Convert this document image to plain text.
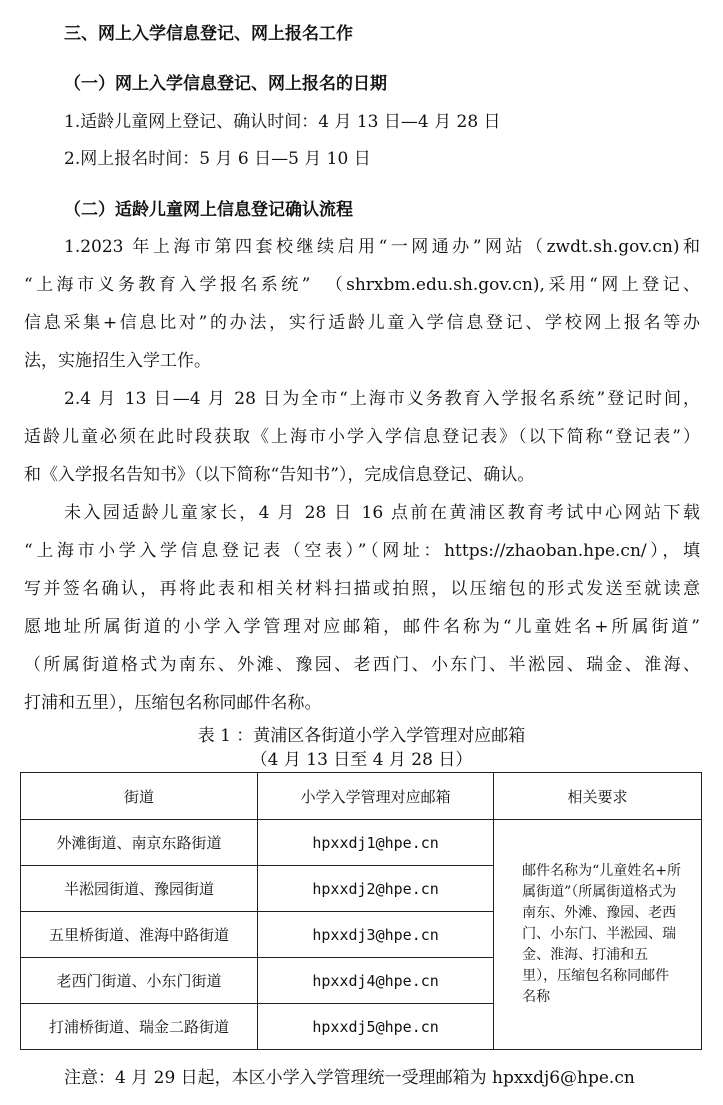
三、网上入学信息登记、网上报名工作
（一）网上入学信息登记、网上报名的日期
1.适龄儿童网上登记、确认时间：4 月 13 日—4 月 28 日
2.网上报名时间：5 月 6 日—5 月 10 日
（二）适龄儿童网上信息登记确认流程
1.2023 年上海市第四套校继续启用“一网通办”网站（zwdt.sh.gov.cn)和
“上海市义务教育入学报名系统”　（shrxbm.edu.sh.gov.cn),采用“网上登记、
信息采集+信息比对”的办法，实行适龄儿童入学信息登记、学校网上报名等办
法，实施招生入学工作。
2.4 月 13 日—4 月 28 日为全市“上海市义务教育入学报名系统”登记时间，
适龄儿童必须在此时段获取《上海市小学入学信息登记表》（以下简称“登记表”）
和《入学报名告知书》（以下简称“告知书”），完成信息登记、确认。
未入园适龄儿童家长，4 月 28 日 16 点前在黄浦区教育考试中心网站下载
“上海市小学入学信息登记表（空表）”（网址：https://zhaoban.hpe.cn/），填
写并签名确认，再将此表和相关材料扫描或拍照，以压缩包的形式发送至就读意
愿地址所属街道的小学入学管理对应邮箱，邮件名称为“儿童姓名+所属街道”
（所属街道格式为南东、外滩、豫园、老西门、小东门、半淞园、瑞金、淮海、
打浦和五里），压缩包名称同邮件名称。
表 1 ：黄浦区各街道小学入学管理对应邮箱
（4 月 13 日至 4 月 28 日）
街道	小学入学管理对应邮箱	相关要求
外滩街道、南京东路街道	hpxxdj1@hpe.cn	邮件名称为“儿童姓名+所属街道”（所属街道格式为南东、外滩、豫园、老西门、小东门、半淞园、瑞金、淮海、打浦和五里），压缩包名称同邮件名称

半淞园街道、豫园街道	hpxxdj2@hpe.cn	
五里桥街道、淮海中路街道	hpxxdj3@hpe.cn	
老西门街道、小东门街道	hpxxdj4@hpe.cn	
打浦桥街道、瑞金二路街道	hpxxdj5@hpe.cn	
注意：4 月 29 日起，本区小学入学管理统一受理邮箱为 hpxxdj6@hpe.cn
